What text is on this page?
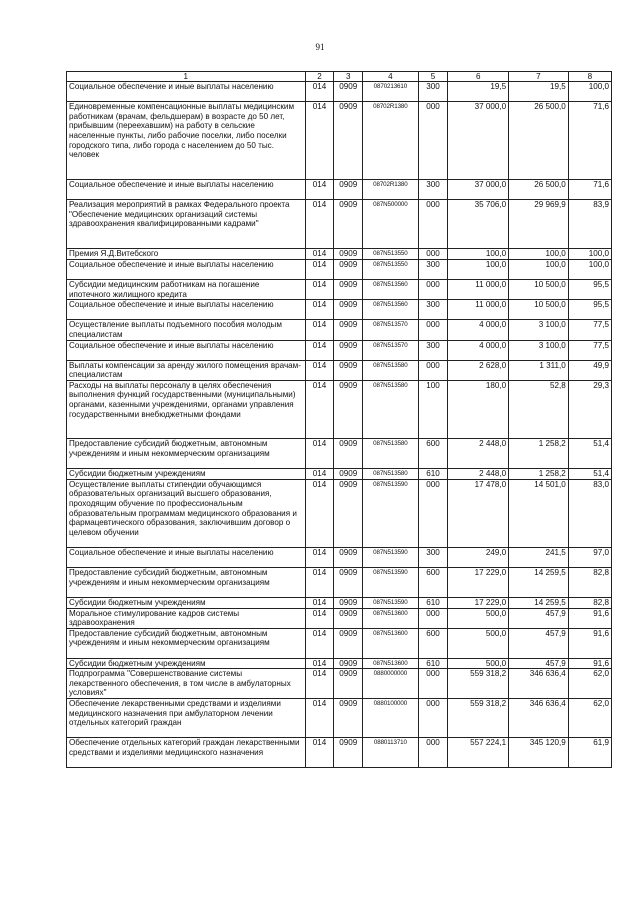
91
1	2	3	4	5	6	7	8
Социальное обеспечение и иные выплаты населению	014	0909	0870213610	300	19,5	19,5	100,0
Единовременные компенсационные выплаты медицинским работникам (врачам, фельдшерам) в возрасте до 50 лет, прибывшим (переехавшим) на работу в сельские населенные пункты, либо рабочие поселки, либо поселки городского типа, либо города с населением до 50 тыс. человек	014	0909	08702R1380	000	37 000,0	26 500,0	71,6
Социальное обеспечение и иные выплаты населению	014	0909	08702R1380	300	37 000,0	26 500,0	71,6
Реализация мероприятий в рамках Федерального проекта "Обеспечение медицинских организаций системы здравоохранения квалифицированными кадрами"	014	0909	087N500000	000	35 706,0	29 969,9	83,9
Премия Я.Д.Витебского	014	0909	087N513550	000	100,0	100,0	100,0
Социальное обеспечение и иные выплаты населению	014	0909	087N513550	300	100,0	100,0	100,0
Субсидии медицинским работникам на погашение ипотечного жилищного кредита	014	0909	087N513560	000	11 000,0	10 500,0	95,5
Социальное обеспечение и иные выплаты населению	014	0909	087N513560	300	11 000,0	10 500,0	95,5
Осуществление выплаты подъемного пособия молодым специалистам	014	0909	087N513570	000	4 000,0	3 100,0	77,5
Социальное обеспечение и иные выплаты населению	014	0909	087N513570	300	4 000,0	3 100,0	77,5
Выплаты компенсации за аренду жилого помещения врачам-специалистам	014	0909	087N513580	000	2 628,0	1 311,0	49,9
Расходы на выплаты персоналу в целях обеспечения выполнения функций государственными (муниципальными) органами, казенными учреждениями, органами управления государственными внебюджетными фондами	014	0909	087N513580	100	180,0	52,8	29,3
Предоставление субсидий бюджетным, автономным учреждениям и иным некоммерческим организациям	014	0909	087N513580	600	2 448,0	1 258,2	51,4
Субсидии бюджетным учреждениям	014	0909	087N513580	610	2 448,0	1 258,2	51,4
Осуществление выплаты стипендии обучающимся образовательных организаций высшего образования, проходящим обучение по профессиональным образовательным программам медицинского образования и фармацевтического образования, заключившим договор о целевом обучении	014	0909	087N513590	000	17 478,0	14 501,0	83,0
Социальное обеспечение и иные выплаты населению	014	0909	087N513590	300	249,0	241,5	97,0
Предоставление субсидий бюджетным, автономным учреждениям и иным некоммерческим организациям	014	0909	087N513590	600	17 229,0	14 259,5	82,8
Субсидии бюджетным учреждениям	014	0909	087N513590	610	17 229,0	14 259,5	82,8
Моральное стимулирование кадров системы здравоохранения	014	0909	087N513600	000	500,0	457,9	91,6
Предоставление субсидий бюджетным, автономным учреждениям и иным некоммерческим организациям	014	0909	087N513600	600	500,0	457,9	91,6
Субсидии бюджетным учреждениям	014	0909	087N513600	610	500,0	457,9	91,6
Подпрограмма "Совершенствование системы лекарственного обеспечения, в том числе в амбулаторных условиях"	014	0909	0880000000	000	559 318,2	346 636,4	62,0
Обеспечение лекарственными средствами и изделиями медицинского назначения при амбулаторном лечении отдельных категорий граждан	014	0909	0880100000	000	559 318,2	346 636,4	62,0
Обеспечение отдельных категорий граждан лекарственными средствами и изделиями медицинского назначения	014	0909	0880113710	000	557 224,1	345 120,9	61,9
